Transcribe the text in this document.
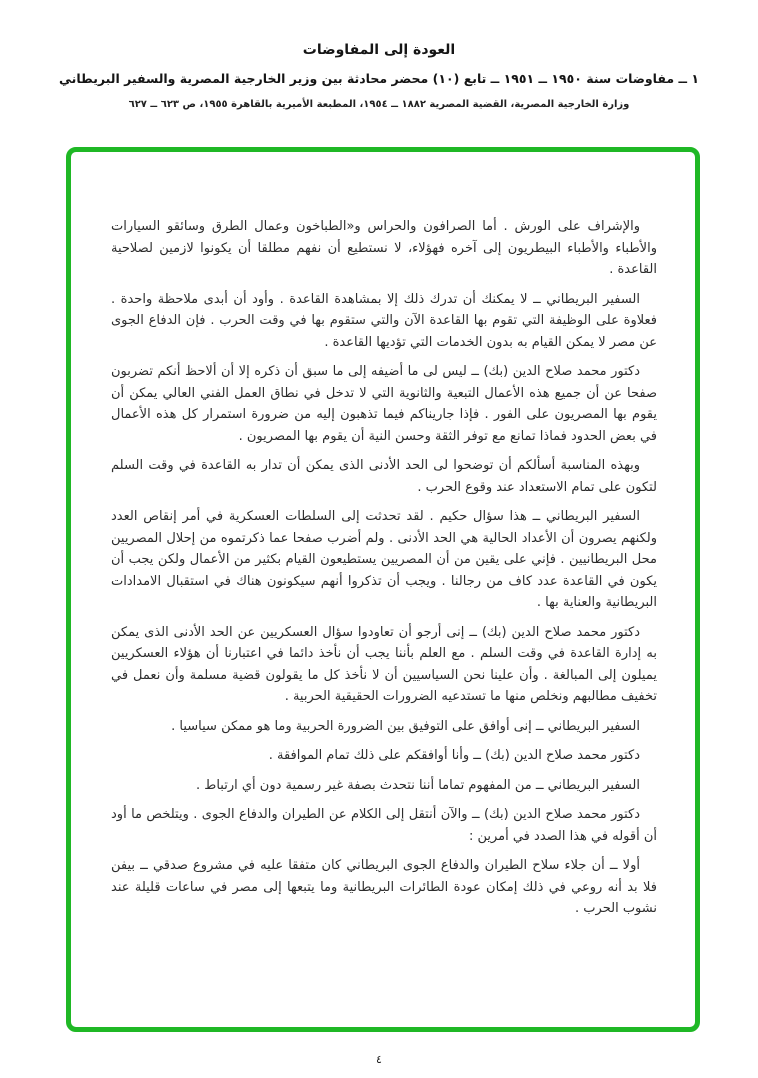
العودة إلى المفاوضات
١ ــ مفاوضات سنة ١٩٥٠ ــ ١٩٥١ ــ تابع (١٠) محضر محادثة بين وزير الخارجية المصرية والسفير البريطاني
وزارة الخارجية المصرية، القضية المصرية ١٨٨٢ ــ ١٩٥٤، المطبعة الأميرية بالقاهرة ١٩٥٥، ص ٦٢٣ ــ ٦٢٧

والإشراف على الورش . أما الصرافون والحراس و«الطباخون وعمال الطرق وسائقو السيارات والأطباء والأطباء البيطريون إلى آخره فهؤلاء، لا نستطيع أن نفهم مطلقا أن يكونوا لازمين لصلاحية القاعدة .

السفير البريطاني ــ لا يمكنك أن تدرك ذلك إلا بمشاهدة القاعدة . وأود أن أبدى ملاحظة واحدة . فعلاوة على الوظيفة التي تقوم بها القاعدة الآن والتي ستقوم بها في وقت الحرب . فإن الدفاع الجوى عن مصر لا يمكن القيام به بدون الخدمات التي تؤديها القاعدة .

دكتور محمد صلاح الدين (بك) ــ ليس لى ما أضيفه إلى ما سبق أن ذكره إلا أن ألاحظ أنكم تضربون صفحا عن أن جميع هذه الأعمال التبعية والثانوية التي لا تدخل في نطاق العمل الفني العالي يمكن أن يقوم بها المصريون على الفور . فإذا جاريناكم فيما تذهبون إليه من ضرورة استمرار كل هذه الأعمال في بعض الحدود فماذا تمانع مع توفر الثقة وحسن النية أن يقوم بها المصريون .

وبهذه المناسبة أسألكم أن توضحوا لى الحد الأدنى الذى يمكن أن تدار به القاعدة في وقت السلم لتكون على تمام الاستعداد عند وقوع الحرب .

السفير البريطاني ــ هذا سؤال حكيم . لقد تحدثت إلى السلطات العسكرية في أمر إنقاص العدد ولكنهم يصرون أن الأعداد الحالية هي الحد الأدنى . ولم أضرب صفحا عما ذكرتموه من إحلال المصريين محل البريطانيين . فإني على يقين من أن المصريين يستطيعون القيام بكثير من الأعمال ولكن يجب أن يكون في القاعدة عدد كاف من رجالنا . ويجب أن تذكروا أنهم سيكونون هناك في استقبال الامدادات البريطانية والعناية بها .

دكتور محمد صلاح الدين (بك) ــ إنى أرجو أن تعاودوا سؤال العسكريين عن الحد الأدنى الذى يمكن به إدارة القاعدة في وقت السلم . مع العلم بأننا يجب أن نأخذ دائما في اعتبارنا أن هؤلاء العسكريين يميلون إلى المبالغة . وأن علينا نحن السياسيين أن لا نأخذ كل ما يقولون قضية مسلمة وأن نعمل في تخفيف مطالبهم ونخلص منها ما تستدعيه الضرورات الحقيقية الحربية .

السفير البريطاني ــ إنى أوافق على التوفيق بين الضرورة الحربية وما هو ممكن سياسيا .

دكتور محمد صلاح الدين (بك) ــ وأنا أوافقكم على ذلك تمام الموافقة .

السفير البريطاني ــ من المفهوم تماما أننا نتحدث بصفة غير رسمية دون أي ارتباط .

دكتور محمد صلاح الدين (بك) ــ والآن أنتقل إلى الكلام عن الطيران والدفاع الجوى . ويتلخص ما أود أن أقوله في هذا الصدد في أمرين :

أولا ــ أن جلاء سلاح الطيران والدفاع الجوى البريطاني كان متفقا عليه في مشروع صدقي ــ بيفن فلا بد أنه روعي في ذلك إمكان عودة الطائرات البريطانية وما يتبعها إلى مصر في ساعات قليلة عند نشوب الحرب .

٤
